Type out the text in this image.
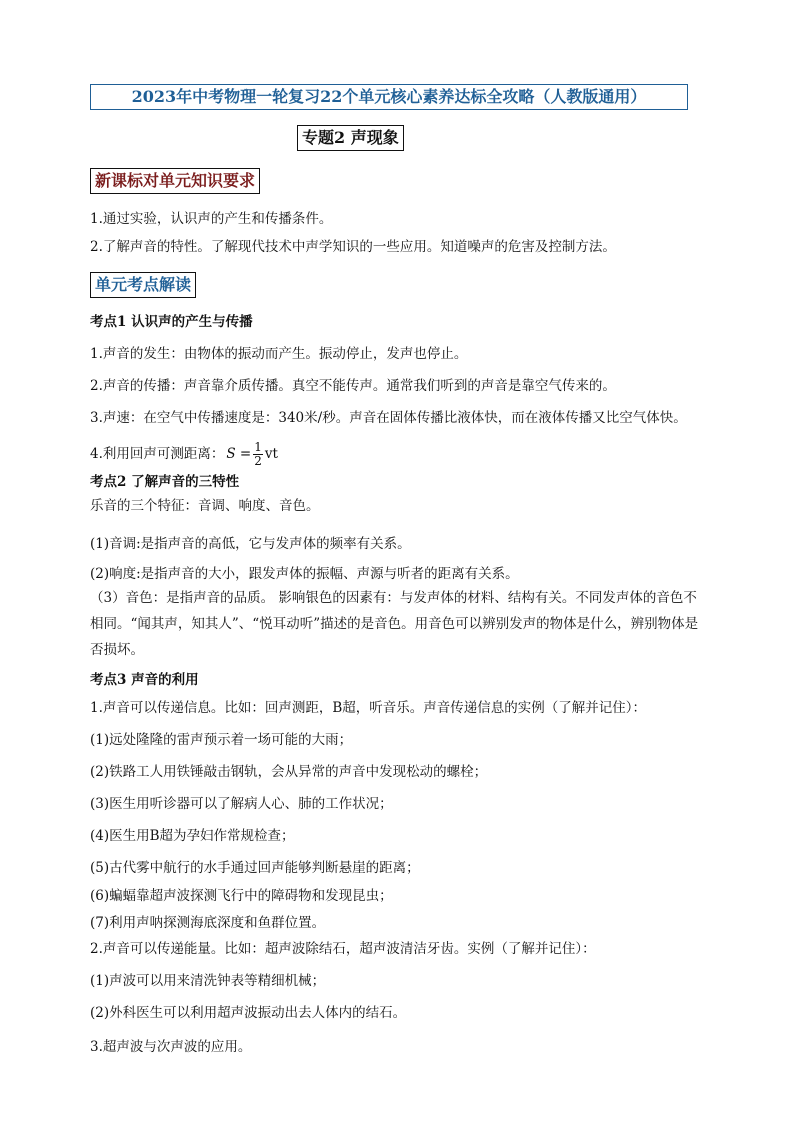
2023年中考物理一轮复习22个单元核心素养达标全攻略（人教版通用）
专题2 声现象
新课标对单元知识要求
1.通过实验，认识声的产生和传播条件。
2.了解声音的特性。了解现代技术中声学知识的一些应用。知道噪声的危害及控制方法。
单元考点解读
考点1 认识声的产生与传播
1.声音的发生：由物体的振动而产生。振动停止，发声也停止。
2.声音的传播：声音靠介质传播。真空不能传声。通常我们听到的声音是靠空气传来的。
3.声速：在空气中传播速度是：340米/秒。声音在固体传播比液体快，而在液体传播又比空气体快。
4.利用回声可测距离： $S = \frac{1}{2}$ vt
考点2 了解声音的三特性
乐音的三个特征：音调、响度、音色。
(1)音调:是指声音的高低，它与发声体的频率有关系。
(2)响度:是指声音的大小，跟发声体的振幅、声源与听者的距离有关系。
（3）音色：是指声音的品质。 影响银色的因素有：与发声体的材料、结构有关。不同发声体的音色不相同。“闻其声，知其人”、“悦耳动听”描述的是音色。用音色可以辨别发声的物体是什么，辨别物体是否损坏。
考点3 声音的利用
1.声音可以传递信息。比如：回声测距，B超，听音乐。声音传递信息的实例（了解并记住）：
(1)远处隆隆的雷声预示着一场可能的大雨；
(2)铁路工人用铁锤敲击钢轨，会从异常的声音中发现松动的螺栓；
(3)医生用听诊器可以了解病人心、肺的工作状况；
(4)医生用B超为孕妇作常规检查；
(5)古代雾中航行的水手通过回声能够判断悬崖的距离；
(6)蝙蝠靠超声波探测飞行中的障碍物和发现昆虫；
(7)利用声呐探测海底深度和鱼群位置。
2.声音可以传递能量。比如：超声波除结石，超声波清洁牙齿。实例（了解并记住）：
(1)声波可以用来清洗钟表等精细机械；
(2)外科医生可以利用超声波振动出去人体内的结石。
3.超声波与次声波的应用。
